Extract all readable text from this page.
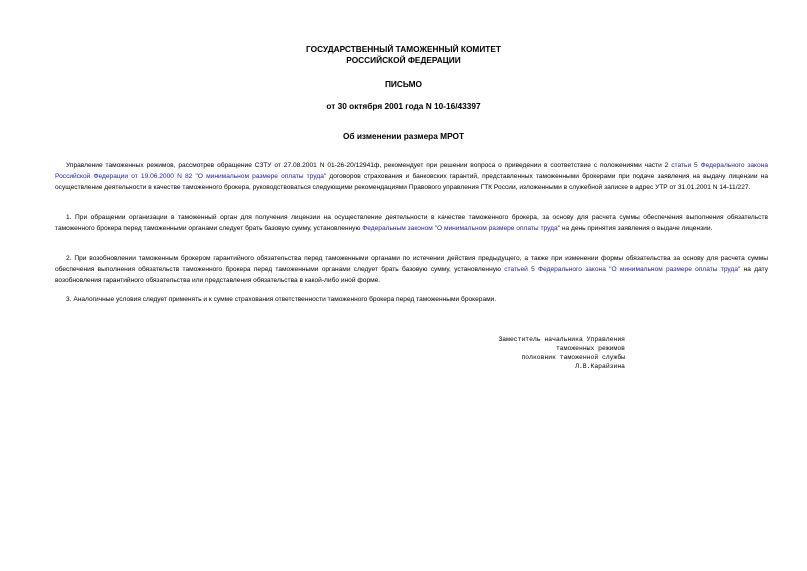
ГОСУДАРСТВЕННЫЙ ТАМОЖЕННЫЙ КОМИТЕТ

РОССИЙСКОЙ ФЕДЕРАЦИИ

ПИСЬМО

от 30 октября 2001 года N 10-16/43397

Об изменении размера МРОТ

Управление таможенных режимов, рассмотрев обращение СЗТУ от 27.08.2001 N 01-26-20/12941ф, рекомендует при решении вопроса о приведении в соответствие с положениями части 2 статьи 5 Федерального закона Российской Федерации от 19.06.2000 N 82 "О минимальном размере оплаты труда" договоров страхования и банковских гарантий, представленных таможенными брокерами при подаче заявления на выдачу лицензии на осуществление деятельности в качестве таможенного брокера, руководствоваться следующими рекомендациями Правового управления ГТК России, изложенными в служебной записке в адрес УТР от 31.01.2001 N 14-11/227.

1. При обращении организации в таможенный орган для получения лицензии на осуществление деятельности в качестве таможенного брокера, за основу для расчета суммы обеспечения выполнения обязательств таможенного брокера перед таможенными органами следует брать базовую сумму, установленную Федеральным законом "О минимальном размере оплаты труда" на день принятия заявления о выдаче лицензии.

2. При возобновлении таможенным брокером гарантийного обязательства перед таможенными органами по истечении действия предыдущего, а также при изменении формы обязательства за основу для расчета суммы обеспечения выполнения обязательств таможенного брокера перед таможенными органами следует брать базовую сумму, установленную статьей 5 Федерального закона "О минимальном размере оплаты труда" на дату возобновления гарантийного обязательства или представления обязательства в какой-либо иной форме.

3. Аналогичные условия следует применять и к сумме страхования ответственности таможенного брокера перед таможенными брокерами.

Заместитель начальника Управления

таможенных режимов

полковник таможенной службы

Л.В.Карайзина
